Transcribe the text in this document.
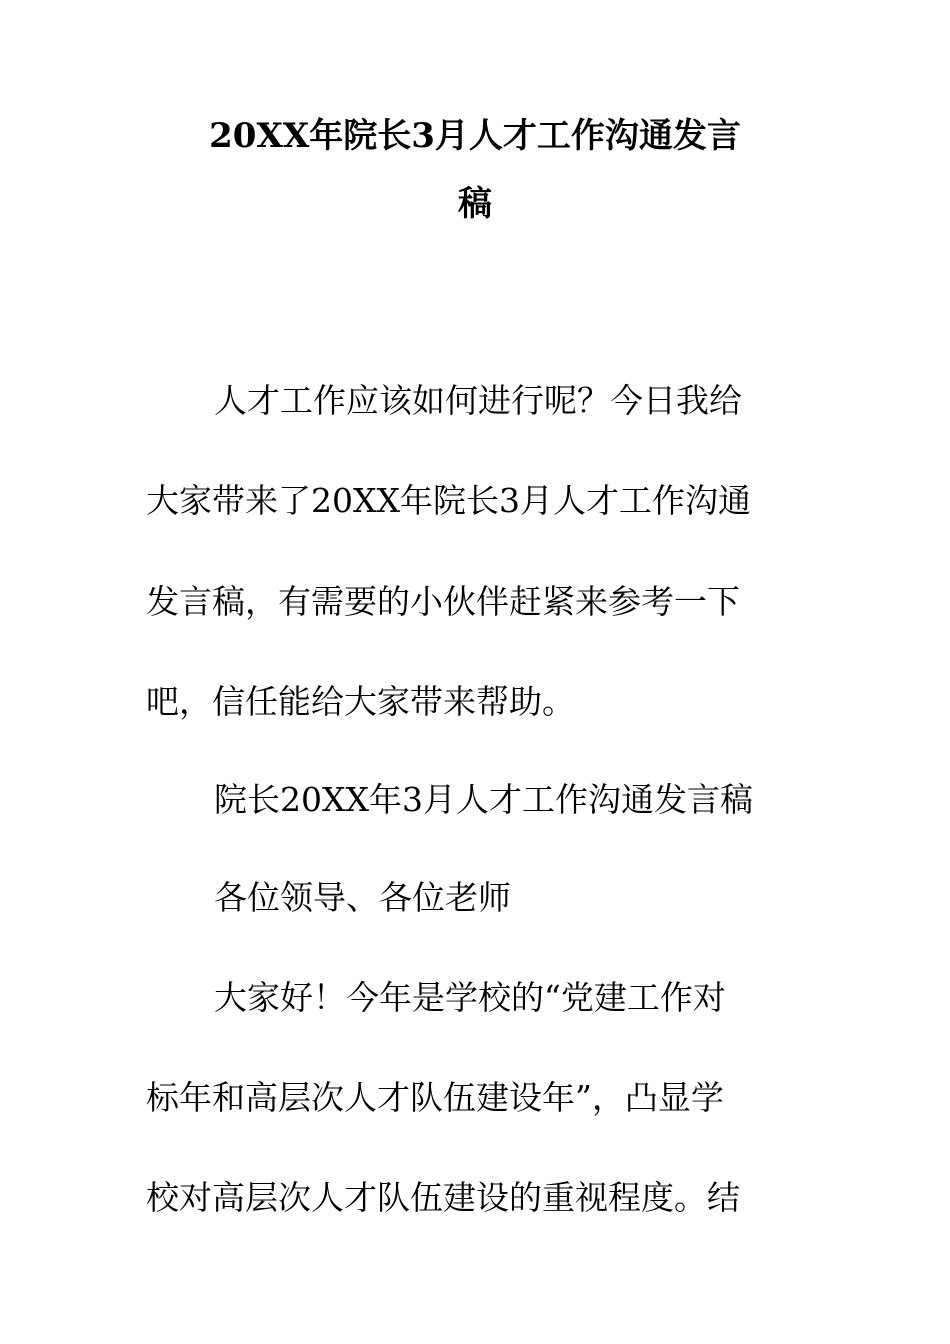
20XX年院长3月人才工作沟通发言
稿
人才工作应该如何进行呢？今日我给
大家带来了20XX年院长3月人才工作沟通
发言稿，有需要的小伙伴赶紧来参考一下
吧，信任能给大家带来帮助。
院长20XX年3月人才工作沟通发言稿
各位领导、各位老师
大家好！今年是学校的“党建工作对
标年和高层次人才队伍建设年”，凸显学
校对高层次人才队伍建设的重视程度。结
